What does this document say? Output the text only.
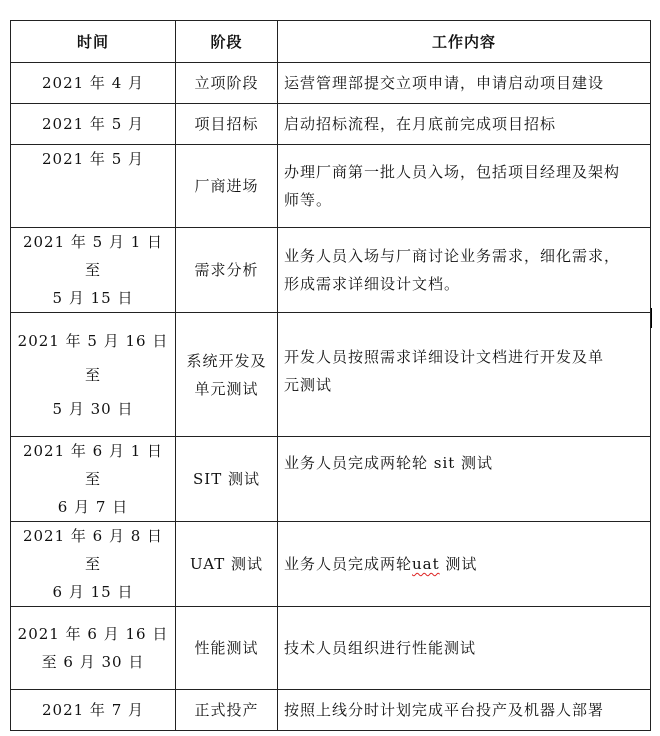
时间	阶段	工作内容

2021 年 4 月	立项阶段	运营管理部提交立项申请，申请启动项目建设

2021 年 5 月	项目招标	启动招标流程，在月底前完成项目招标

2021 年 5 月	厂商进场	办理厂商第一批人员入场，包括项目经理及架构
师等。

2021 年 5 月 1 日至
5 月 15 日	需求分析	业务人员入场与厂商讨论业务需求，细化需求，
形成需求详细设计文档。

2021 年 5 月 16 日
至
5 月 30 日	系统开发及
单元测试	开发人员按照需求详细设计文档进行开发及单
元测试

2021 年 6 月 1 日至
6 月 7 日	SIT 测试	业务人员完成两轮轮 sit 测试

2021 年 6 月 8 日至
6 月 15 日	UAT 测试	业务人员完成两轮uat 测试

2021 年 6 月 16 日
至 6 月 30 日	性能测试	技术人员组织进行性能测试

2021 年 7 月	正式投产	按照上线分时计划完成平台投产及机器人部署
